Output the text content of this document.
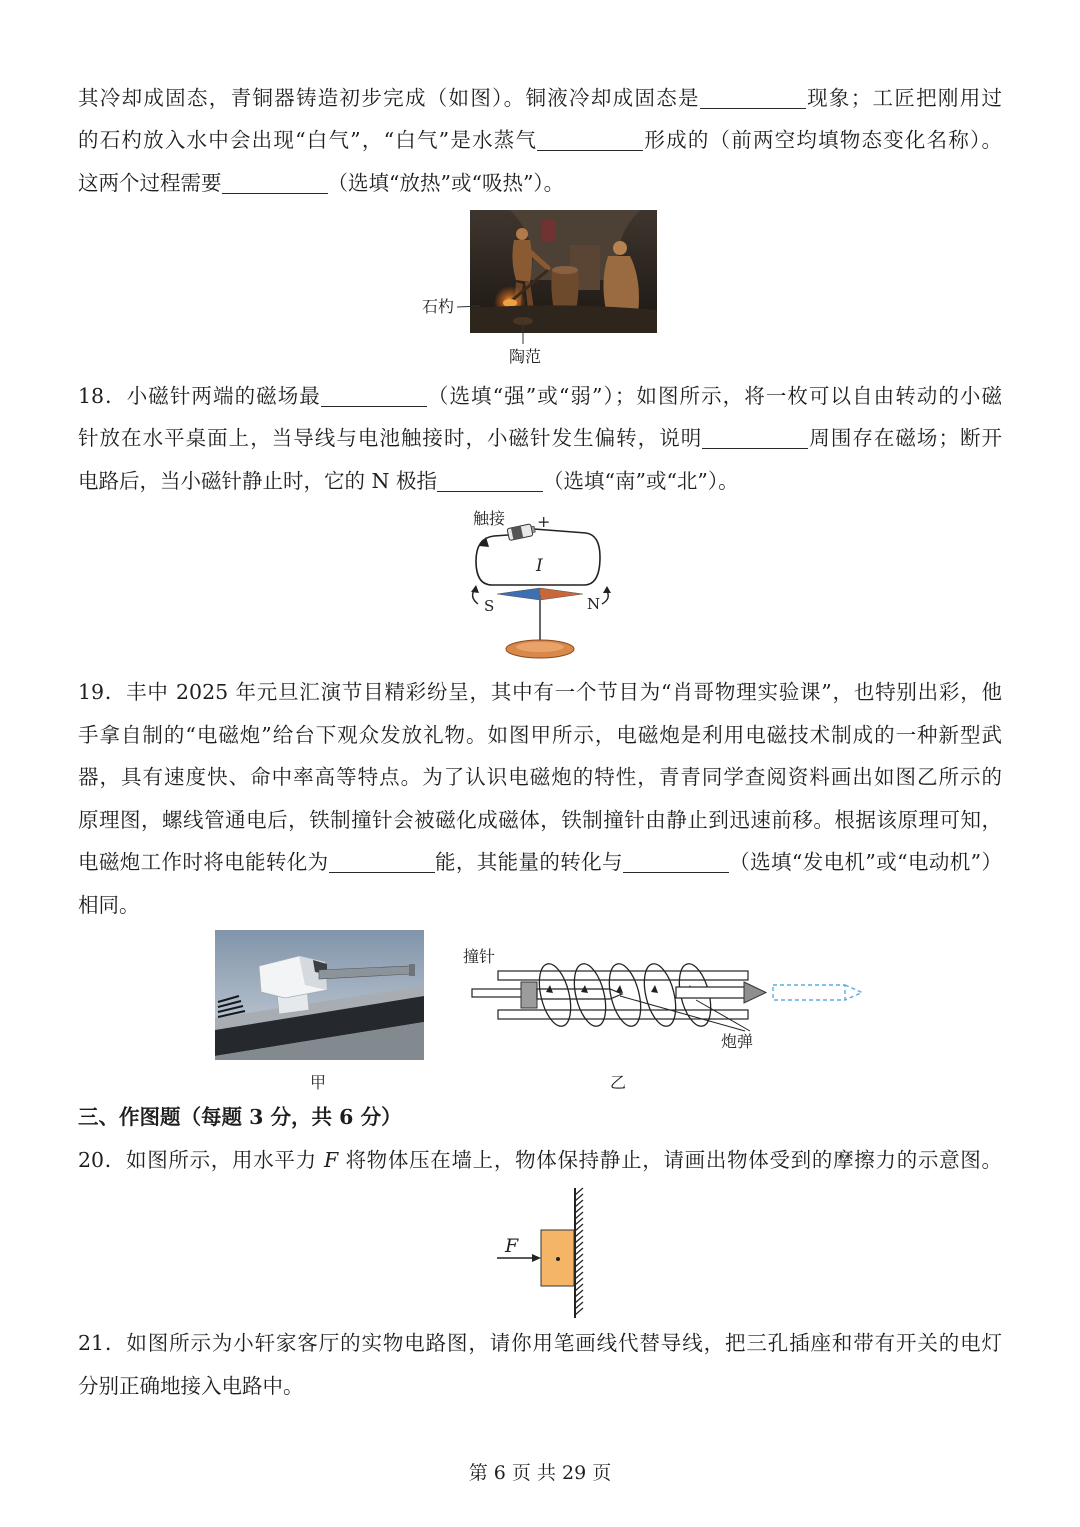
其冷却成固态，青铜器铸造初步完成（如图）。铜液冷却成固态是	现象；工匠把刚用过
的石杓放入水中会出现“白气”，“白气”是水蒸气	形成的（前两空均填物态变化名称）。
这两个过程需要	（选填“放热”或“吸热”）。
石杓
陶范
18．小磁针两端的磁场最	（选填“强”或“弱”）；如图所示，将一枚可以自由转动的小磁
针放在水平桌面上，当导线与电池触接时，小磁针发生偏转，说明	周围存在磁场；断开
电路后，当小磁针静止时，它的 N 极指	（选填“南”或“北”）。
触接 +
I
S	N
19．丰中 2025 年元旦汇演节目精彩纷呈，其中有一个节目为“肖哥物理实验课”，也特别出彩，他
手拿自制的“电磁炮”给台下观众发放礼物。如图甲所示，电磁炮是利用电磁技术制成的一种新型武
器，具有速度快、命中率高等特点。为了认识电磁炮的特性，青青同学查阅资料画出如图乙所示的
原理图，螺线管通电后，铁制撞针会被磁化成磁体，铁制撞针由静止到迅速前移。根据该原理可知，
电磁炮工作时将电能转化为	能，其能量的转化与	（选填“发电机”或“电动机”）
相同。
甲
撞针
炮弹
乙
三、作图题（每题 3 分，共 6 分）
20．如图所示，用水平力 F 将物体压在墙上，物体保持静止，请画出物体受到的摩擦力的示意图。
F
21．如图所示为小轩家客厅的实物电路图，请你用笔画线代替导线，把三孔插座和带有开关的电灯
分别正确地接入电路中。
第 6 页 共 29 页
